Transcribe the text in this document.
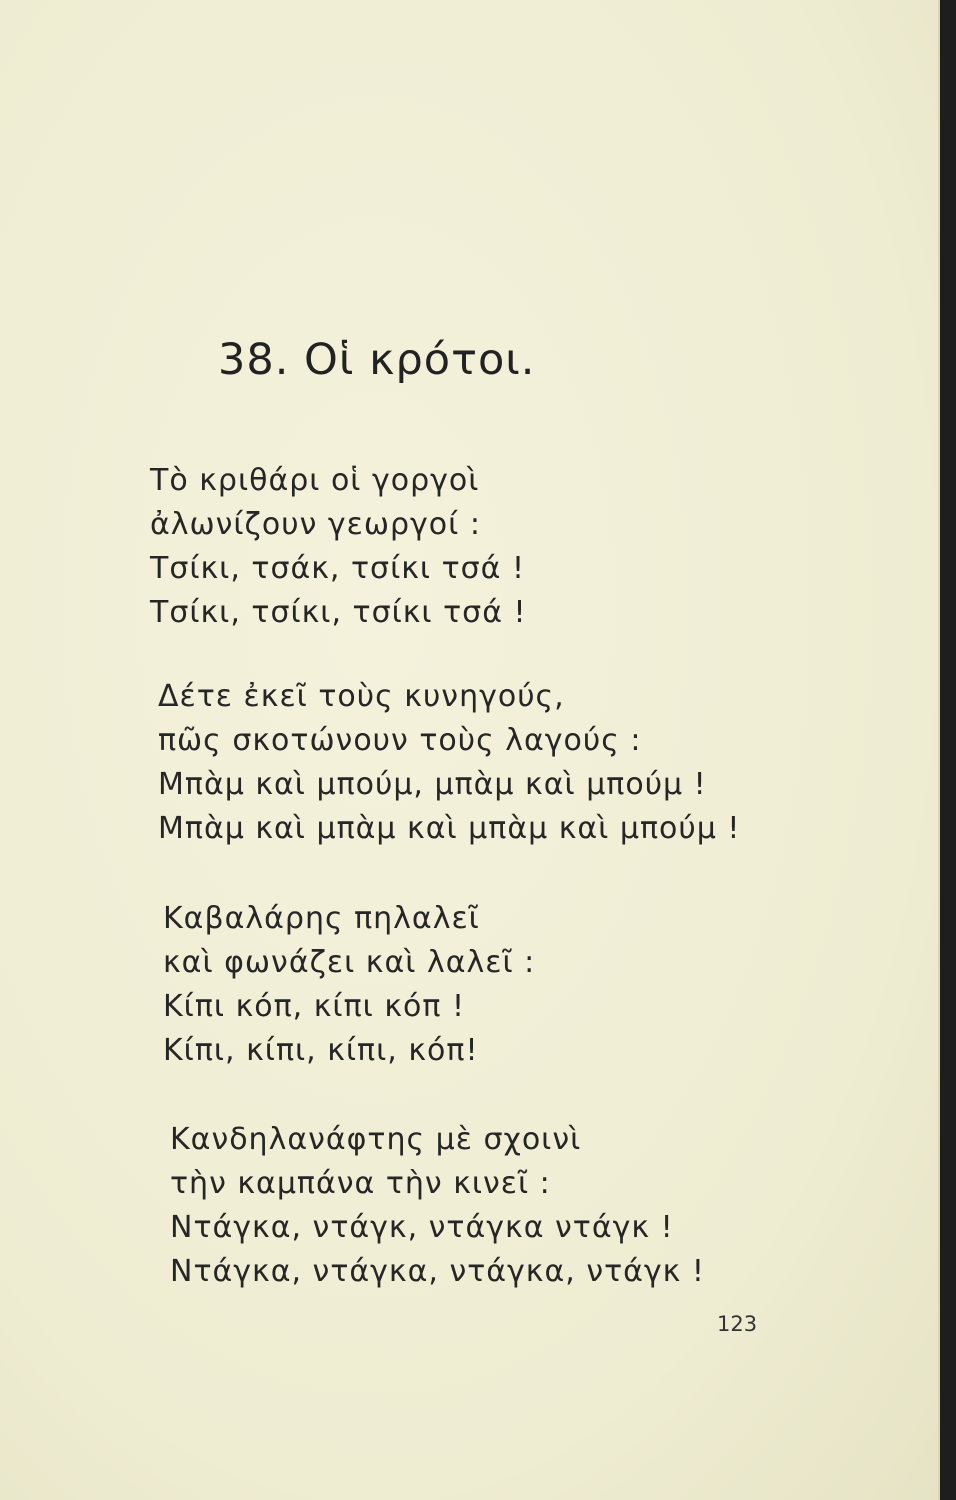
38. Οἱ κρότοι.
Τὸ κριθάρι οἱ γοργοὶ
ἀλωνίζουν γεωργοί :
Τσίκι, τσάκ, τσίκι τσά !
Τσίκι, τσίκι, τσίκι τσά !
Δέτε ἐκεῖ τοὺς κυνηγούς,
πῶς σκοτώνουν τοὺς λαγούς :
Μπὰμ καὶ μπούμ, μπὰμ καὶ μπούμ !
Μπὰμ καὶ μπὰμ καὶ μπὰμ καὶ μπούμ !
Καβαλάρης πηλαλεῖ
καὶ φωνάζει καὶ λαλεῖ :
Κίπι κόπ, κίπι κόπ !
Κίπι, κίπι, κίπι, κόπ!
Κανδηλανάφτης μὲ σχοινὶ
τὴν καμπάνα τὴν κινεῖ :
Ντάγκα, ντάγκ, ντάγκα ντάγκ !
Ντάγκα, ντάγκα, ντάγκα, ντάγκ !
123
